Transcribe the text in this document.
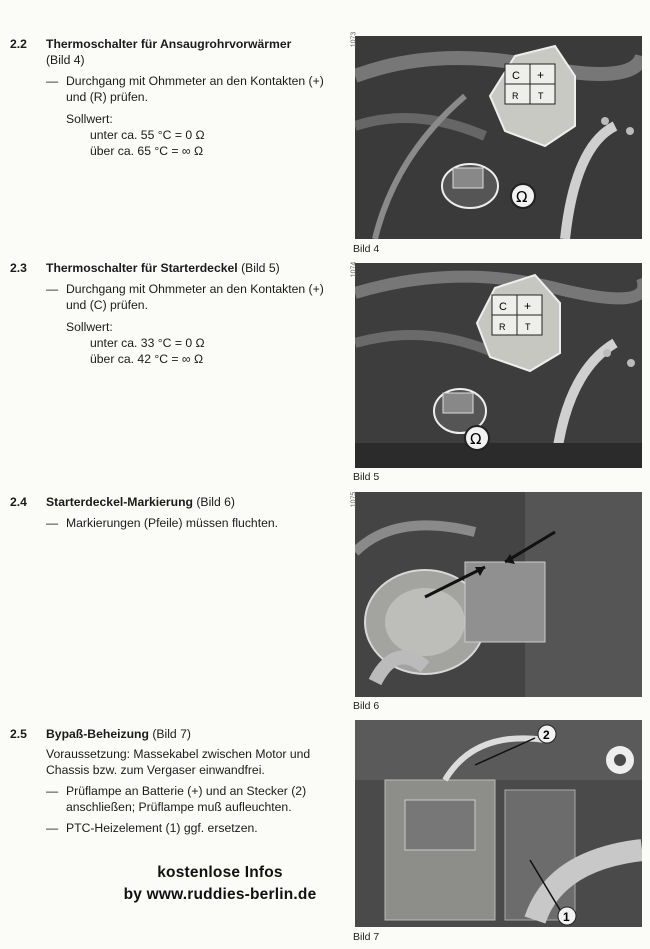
2.2 Thermoschalter für Ansaugrohrvorwärmer
(Bild 4)
— Durchgang mit Ohmmeter an den Kontakten (+) und (R) prüfen.
Sollwert:
unter ca. 55 °C = 0 Ω
über ca. 65 °C = ∞ Ω
2.3 Thermoschalter für Starterdeckel (Bild 5)
— Durchgang mit Ohmmeter an den Kontakten (+) und (C) prüfen.
Sollwert:
unter ca. 33 °C = 0 Ω
über ca. 42 °C = ∞ Ω
2.4 Starterdeckel-Markierung (Bild 6)
— Markierungen (Pfeile) müssen fluchten.
2.5 Bypaß-Beheizung (Bild 7)
Voraussetzung: Massekabel zwischen Motor und Chassis bzw. zum Vergaser einwandfrei.
— Prüflampe an Batterie (+) und an Stecker (2) anschließen; Prüflampe muß aufleuchten.
— PTC-Heizelement (1) ggf. ersetzen.
C +
R T
Ω
Bild 4
C +
R T
Ω
Bild 5
Bild 6
2
1
Bild 7
1073
1074
1075
kostenlose Infos
by www.ruddies-berlin.de
